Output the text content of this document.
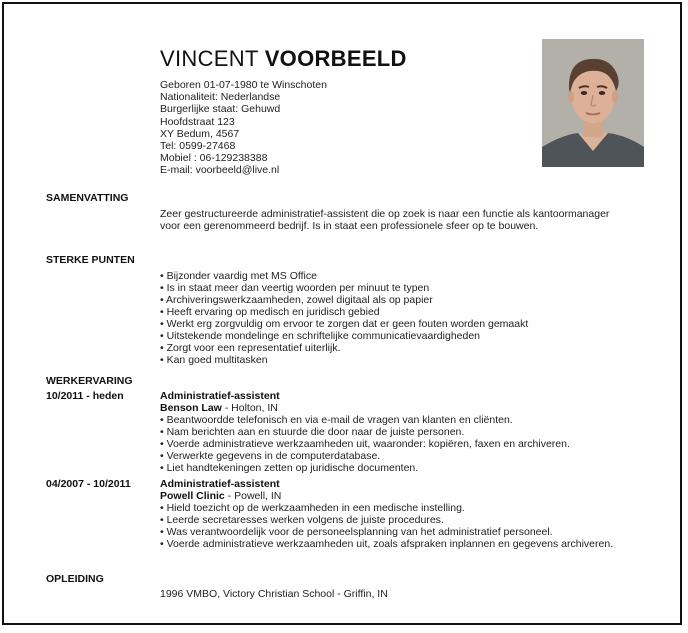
VINCENT VOORBEELD
Geboren 01-07-1980 te Winschoten
Nationaliteit: Nederlandse
Burgerlijke staat: Gehuwd
Hoofdstraat 123
XY Bedum, 4567
Tel: 0599-27468
Mobiel : 06-129238388
E-mail: voorbeeld@live.nl
SAMENVATTING
Zeer gestructureerde administratief-assistent die op zoek is naar een functie als kantoormanager voor een gerenommeerd bedrijf. Is in staat een professionele sfeer op te bouwen.
STERKE PUNTEN
• Bijzonder vaardig met MS Office
• Is in staat meer dan veertig woorden per minuut te typen
• Archiveringswerkzaamheden, zowel digitaal als op papier
• Heeft ervaring op medisch en juridisch gebied
• Werkt erg zorgvuldig om ervoor te zorgen dat er geen fouten worden gemaakt
• Uitstekende mondelinge en schriftelijke communicatievaardigheden
• Zorgt voor een representatief uiterlijk.
• Kan goed multitasken
WERKERVARING
10/2011 - heden	Administratief-assistent
Benson Law - Holton, IN
• Beantwoordde telefonisch en via e-mail de vragen van klanten en cliënten.
• Nam berichten aan en stuurde die door naar de juiste personen.
• Voerde administratieve werkzaamheden uit, waaronder: kopiëren, faxen en archiveren.
• Verwerkte gegevens in de computerdatabase.
• Liet handtekeningen zetten op juridische documenten.
04/2007 - 10/2011	Administratief-assistent
Powell Clinic - Powell, IN
• Hield toezicht op de werkzaamheden in een medische instelling.
• Leerde secretaresses werken volgens de juiste procedures.
• Was verantwoordelijk voor de personeelsplanning van het administratief personeel.
• Voerde administratieve werkzaamheden uit, zoals afspraken inplannen en gegevens archiveren.
OPLEIDING
1996 VMBO, Victory Christian School - Griffin, IN
